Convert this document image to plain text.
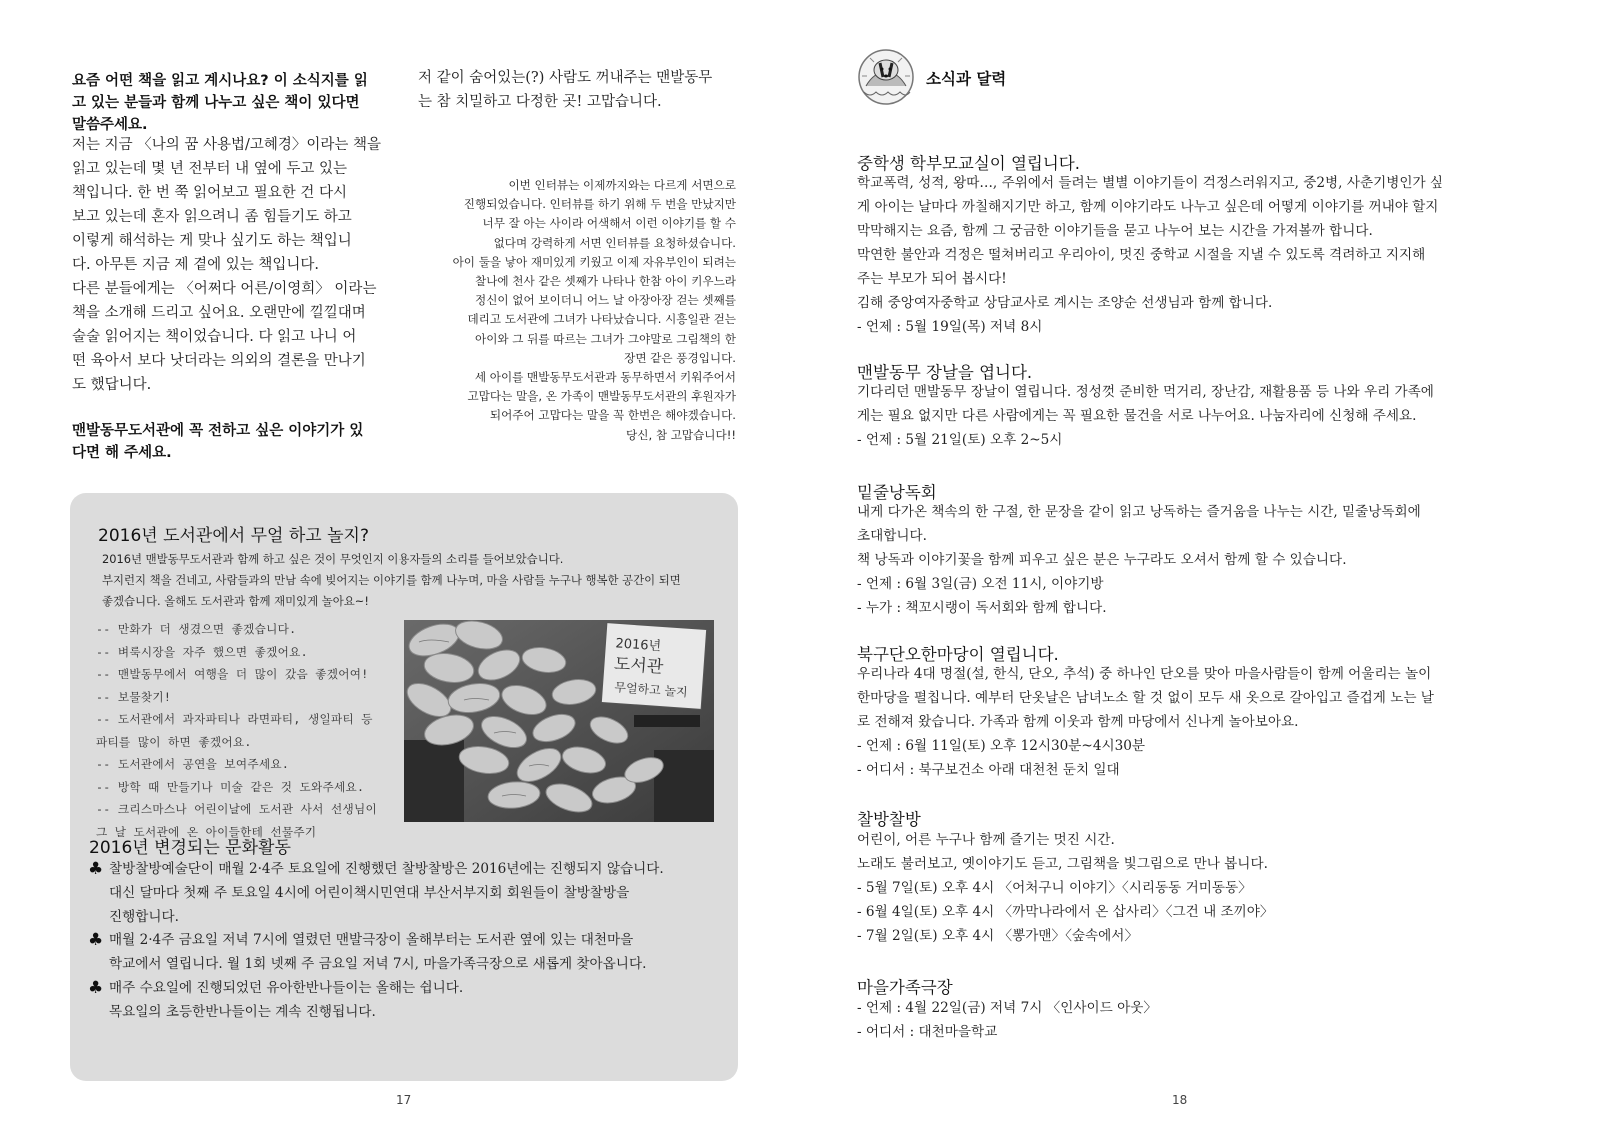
요즘 어떤 책을 읽고 계시나요? 이 소식지를 읽
고 있는 분들과 함께 나누고 싶은 책이 있다면
말씀주세요.

저는 지금 〈나의 꿈 사용법/고혜경〉이라는 책을

읽고 있는데 몇 년 전부터 내 옆에 두고 있는

책입니다. 한 번 쭉 읽어보고 필요한 건 다시

보고 있는데 혼자 읽으려니 좀 힘들기도 하고

이렇게 해석하는 게 맞나 싶기도 하는 책입니

다. 아무튼 지금 제 곁에 있는 책입니다.

다른 분들에게는 〈어쩌다 어른/이영희〉 이라는

책을 소개해 드리고 싶어요. 오랜만에 낄낄대며

술술 읽어지는 책이었습니다. 다 읽고 나니 어

떤 육아서 보다 낫더라는 의외의 결론을 만나기

도 했답니다.

맨발동무도서관에 꼭 전하고 싶은 이야기가 있
다면 해 주세요.

저 같이 숨어있는(?) 사람도 꺼내주는 맨발동무

는 참 치밀하고 다정한 곳! 고맙습니다.

이번 인터뷰는 이제까지와는 다르게 서면으로

진행되었습니다. 인터뷰를 하기 위해 두 번을 만났지만

너무 잘 아는 사이라 어색해서 이런 이야기를 할 수

없다며 강력하게 서면 인터뷰를 요청하셨습니다.

아이 둘을 낳아 재미있게 키웠고 이제 자유부인이 되려는

찰나에 천사 같은 셋째가 나타나 한참 아이 키우느라

정신이 없어 보이더니 어느 날 아장아장 걷는 셋째를

데리고 도서관에 그녀가 나타났습니다. 시흥일관 걷는

아이와 그 뒤를 따르는 그녀가 그야말로 그림책의 한

장면 같은 풍경입니다.

세 아이를 맨발동무도서관과 동무하면서 키워주어서

고맙다는 말을, 온 가족이 맨발동무도서관의 후원자가

되어주어 고맙다는 말을 꼭 한번은 해야겠습니다.

당신, 참 고맙습니다!!

2016년 도서관에서 무얼 하고 놀지?
2016년 맨발동무도서관과 함께 하고 싶은 것이 무엇인지 이용자들의 소리를 들어보았습니다.
부지런지 책을 건네고, 사람들과의 만남 속에 빚어지는 이야기를 함께 나누며, 마을 사람들 누구나 행복한 공간이 되면
좋겠습니다. 올해도 도서관과 함께 재미있게 놀아요~!
-- 만화가 더 생겼으면 좋겠습니다.
-- 벼룩시장을 자주 했으면 좋겠어요.
-- 맨발동무에서 여행을 더 많이 갔음 좋겠어여!
-- 보물찾기!
-- 도서관에서 과자파티나 라면파티, 생일파티 등
파티를 많이 하면 좋겠어요.
-- 도서관에서 공연을 보여주세요.
-- 방학 때 만들기나 미술 같은 것 도와주세요.
-- 크리스마스나 어린이날에 도서관 사서 선생님이
그 날 도서관에 온 아이들한테 선물주기
2016년
도서관
무얼하고 놀지
2016년 변경되는 문화활동
♣ 찰방찰방예술단이 매월 2·4주 토요일에 진행했던 찰방찰방은 2016년에는 진행되지 않습니다.
대신 달마다 첫째 주 토요일 4시에 어린이책시민연대 부산서부지회 회원들이 찰방찰방을
진행합니다.
♣ 매월 2·4주 금요일 저녁 7시에 열렸던 맨발극장이 올해부터는 도서관 옆에 있는 대천마을
학교에서 열립니다. 월 1회 넷째 주 금요일 저녁 7시, 마을가족극장으로 새롭게 찾아옵니다.
♣ 매주 수요일에 진행되었던 유아한반나들이는 올해는 쉽니다.
목요일의 초등한반나들이는 계속 진행됩니다.
17
소식과 달력
중학생 학부모교실이 열립니다.

학교폭력, 성적, 왕따…, 주위에서 들려는 별별 이야기들이 걱정스러워지고, 중2병, 사춘기병인가 싶

게 아이는 날마다 까칠해지기만 하고, 함께 이야기라도 나누고 싶은데 어떻게 이야기를 꺼내야 할지

막막해지는 요즘, 함께 그 궁금한 이야기들을 묻고 나누어 보는 시간을 가져볼까 합니다.

막연한 불안과 걱정은 떨쳐버리고 우리아이, 멋진 중학교 시절을 지낼 수 있도록 격려하고 지지해

주는 부모가 되어 봅시다!

김해 중앙여자중학교 상담교사로 계시는 조양순 선생님과 함께 합니다.

- 언제 : 5월 19일(목) 저녁 8시

맨발동무 장날을 엽니다.

기다리던 맨발동무 장날이 열립니다. 정성껏 준비한 먹거리, 장난감, 재활용품 등 나와 우리 가족에

게는 필요 없지만 다른 사람에게는 꼭 필요한 물건을 서로 나누어요. 나눔자리에 신청해 주세요.

- 언제 : 5월 21일(토) 오후 2~5시

밑줄낭독회

내게 다가온 책속의 한 구절, 한 문장을 같이 읽고 낭독하는 즐거움을 나누는 시간, 밑줄낭독회에

초대합니다.

책 낭독과 이야기꽃을 함께 피우고 싶은 분은 누구라도 오셔서 함께 할 수 있습니다.

- 언제 : 6월 3일(금) 오전 11시, 이야기방

- 누가 : 책꼬시랭이 독서회와 함께 합니다.

북구단오한마당이 열립니다.

우리나라 4대 명절(설, 한식, 단오, 추석) 중 하나인 단오를 맞아 마을사람들이 함께 어울리는 놀이

한마당을 펼칩니다. 예부터 단옷날은 남녀노소 할 것 없이 모두 새 옷으로 갈아입고 즐겁게 노는 날

로 전해져 왔습니다. 가족과 함께 이웃과 함께 마당에서 신나게 놀아보아요.

- 언제 : 6월 11일(토) 오후 12시30분~4시30분

- 어디서 : 북구보건소 아래 대천천 둔치 일대

찰방찰방

어린이, 어른 누구나 함께 즐기는 멋진 시간.

노래도 불러보고, 옛이야기도 듣고, 그림책을 빛그림으로 만나 봅니다.

- 5월 7일(토) 오후 4시 〈어처구니 이야기〉〈시리동동 거미동동〉

- 6월 4일(토) 오후 4시 〈까막나라에서 온 삽사리〉〈그건 내 조끼야〉

- 7월 2일(토) 오후 4시 〈뽕가맨〉〈숲속에서〉

마을가족극장

- 언제 : 4월 22일(금) 저녁 7시 〈인사이드 아웃〉

- 어디서 : 대천마을학교

18
